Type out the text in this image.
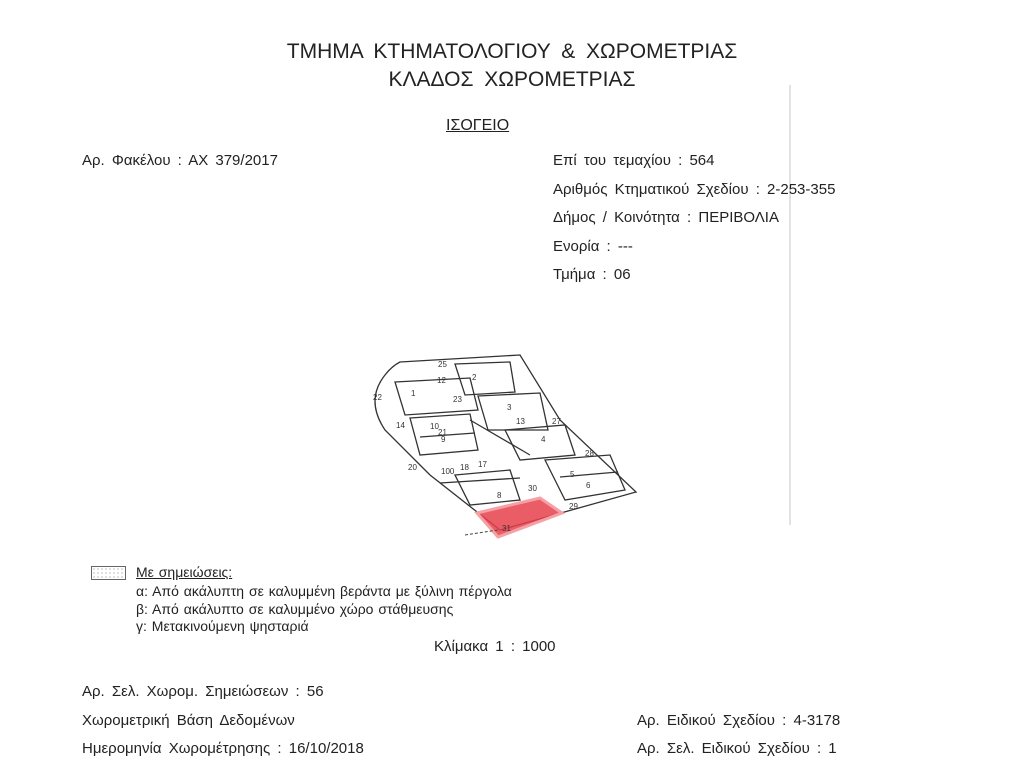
ΤΜΗΜΑ ΚΤΗΜΑΤΟΛΟΓΙΟΥ & ΧΩΡΟΜΕΤΡΙΑΣ
ΚΛΑΔΟΣ ΧΩΡΟΜΕΤΡΙΑΣ
ΙΣΟΓΕΙΟ
Αρ. Φακέλου : ΑΧ 379/2017	Επί του τεμαχίου : 564
Αριθμός Κτηματικού Σχεδίου : 2-253-355
Δήμος / Κοινότητα : ΠΕΡΙΒΟΛΙΑ
Ενορία : ---
Τμήμα : 06
25
2
1
12
22	23
3
13	27
10
14
21
9	4
28
20	100 18 17
5
8
6
30
29
31
Με σημειώσεις:
α: Από ακάλυπτη σε καλυμμένη βεράντα με ξύλινη πέργολα
β: Από ακάλυπτο σε καλυμμένο χώρο στάθμευσης
γ: Μετακινούμενη ψησταριά
Κλίμακα 1 : 1000
Αρ. Σελ. Χωρομ. Σημειώσεων : 56
Χωρομετρική Βάση Δεδομένων	Αρ. Ειδικού Σχεδίου : 4-3178
Ημερομηνία Χωρομέτρησης : 16/10/2018	Αρ. Σελ. Ειδικού Σχεδίου : 1
